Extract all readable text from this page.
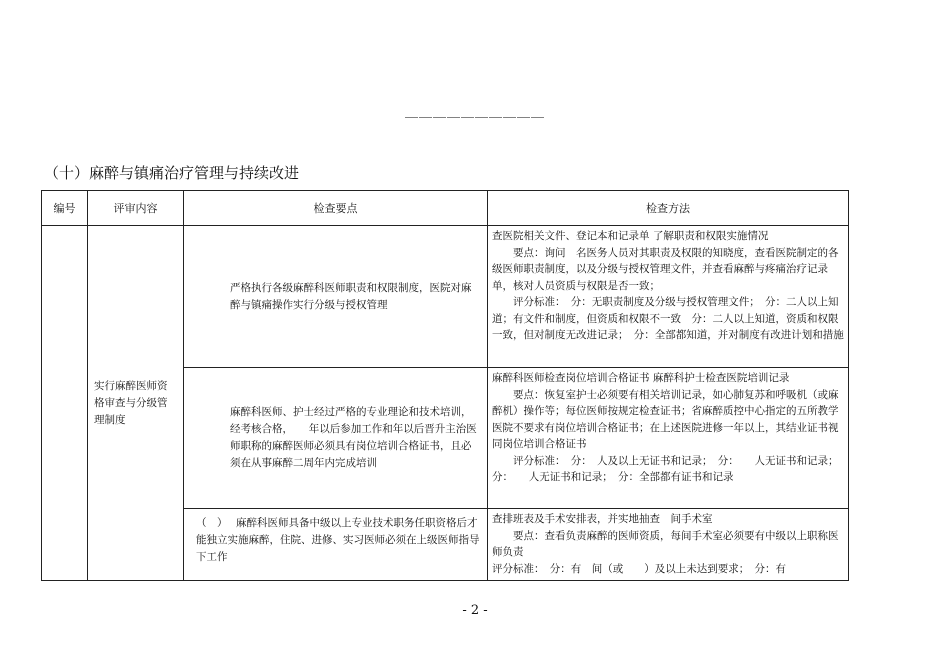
＿＿＿＿＿＿＿＿＿＿
（十）麻醉与镇痛治疗管理与持续改进
编号	评审内容	检查要点	检查方法
	实行麻醉医师资格审查与分级管理制度	严格执行各级麻醉科医师职责和权限制度，医院对麻醉与镇痛操作实行分级与授权管理	查医院相关文件、登记本和记录单 了解职责和权限实施情况

要点：询问　名医务人员对其职责及权限的知晓度，查看医院制定的各级医师职责制度，以及分级与授权管理文件，并查看麻醉与疼痛治疗记录单，核对人员资质与权限是否一致；

评分标准：　分：无职责制度及分级与授权管理文件；　分：二人以上知道；有文件和制度，但资质和权限不一致　分：二人以上知道，资质和权限一致，但对制度无改进记录；　分：全部都知道，并对制度有改进计划和措施

		麻醉科医师、护士经过严格的专业理论和技术培训，经考核合格，　　年以后参加工作和年以后晋升主治医师职称的麻醉医师必须具有岗位培训合格证书，且必须在从事麻醉二周年内完成培训	麻醉科医师检查岗位培训合格证书 麻醉科护士检查医院培训记录

要点：恢复室护士必须要有相关培训记录，如心肺复苏和呼吸机（或麻醉机）操作等；每位医师按规定检查证书；省麻醉质控中心指定的五所教学医院不要求有岗位培训合格证书；在上述医院进修一年以上，其结业证书视同岗位培训合格证书

评分标准：　分：　人及以上无证书和记录；　分：　　人无证书和记录；　分：　　人无证书和记录；　分：全部都有证书和记录

		（　） 麻醉科医师具备中级以上专业技术职务任职资格后才能独立实施麻醉，住院、进修、实习医师必须在上级医师指导下工作	查排班表及手术安排表，并实地抽查　间手术室

要点：查看负责麻醉的医师资质，每间手术室必须要有中级以上职称医师负责

评分标准：　分：有　间（或　　）及以上未达到要求；　分：有

- 2 -
